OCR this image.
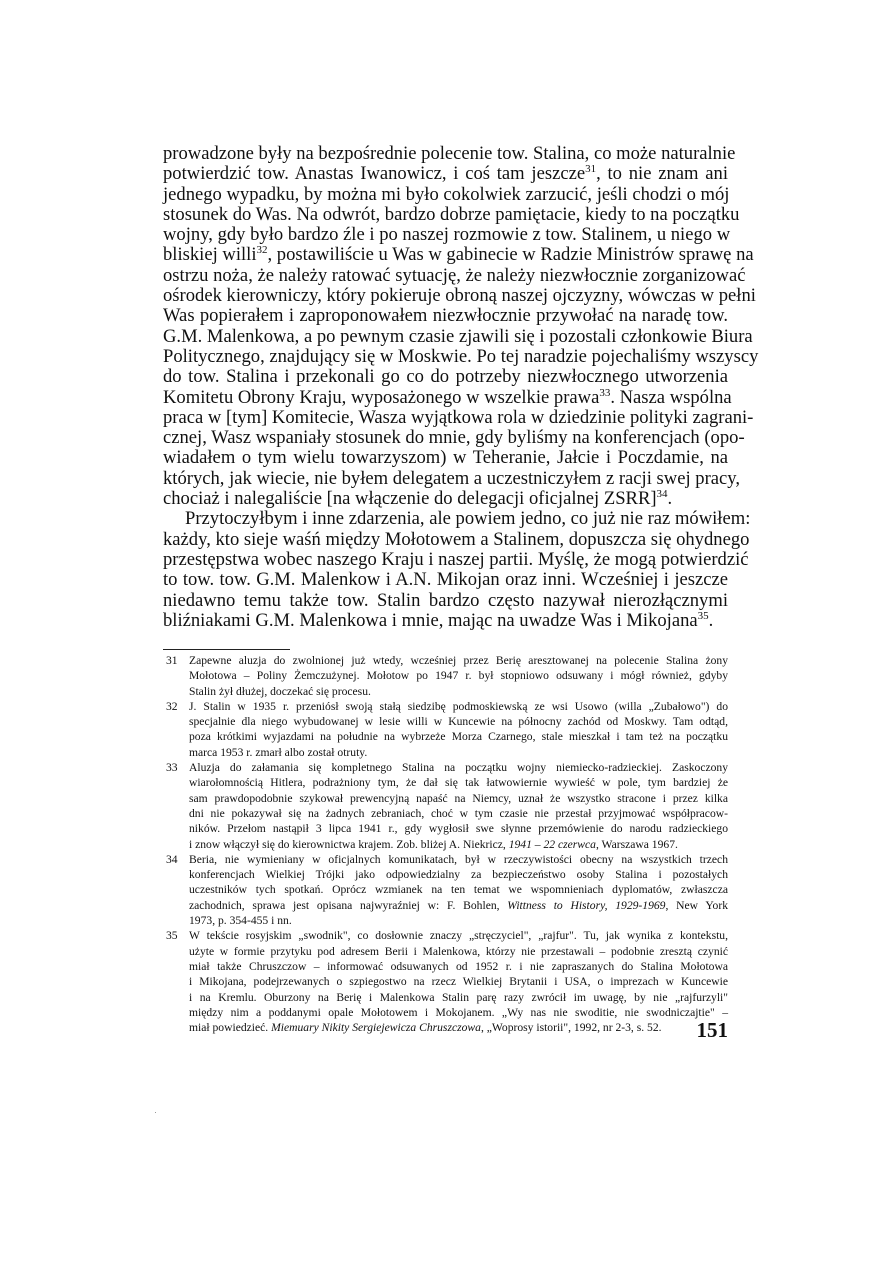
prowadzone były na bezpośrednie polecenie tow. Stalina, co może naturalnie
potwierdzić tow. Anastas Iwanowicz, i coś tam jeszcze$^{31}$, to nie znam ani
jednego wypadku, by można mi było cokolwiek zarzucić, jeśli chodzi o mój
stosunek do Was. Na odwrót, bardzo dobrze pamiętacie, kiedy to na początku
wojny, gdy było bardzo źle i po naszej rozmowie z tow. Stalinem, u niego w
bliskiej willi$^{32}$, postawiliście u Was w gabinecie w Radzie Ministrów sprawę na
ostrzu noża, że należy ratować sytuację, że należy niezwłocznie zorganizować
ośrodek kierowniczy, który pokieruje obroną naszej ojczyzny, wówczas w pełni
Was popierałem i zaproponowałem niezwłocznie przywołać na naradę tow.
G.M. Malenkowa, a po pewnym czasie zjawili się i pozostali członkowie Biura
Politycznego, znajdujący się w Moskwie. Po tej naradzie pojechaliśmy wszyscy
do tow. Stalina i przekonali go co do potrzeby niezwłocznego utworzenia
Komitetu Obrony Kraju, wyposażonego w wszelkie prawa$^{33}$. Nasza wspólna
praca w [tym] Komitecie, Wasza wyjątkowa rola w dziedzinie polityki zagrani-
cznej, Wasz wspaniały stosunek do mnie, gdy byliśmy na konferencjach (opo-
wiadałem o tym wielu towarzyszom) w Teheranie, Jałcie i Poczdamie, na
których, jak wiecie, nie byłem delegatem a uczestniczyłem z racji swej pracy,
chociaż i nalegaliście [na włączenie do delegacji oficjalnej ZSRR]$^{34}$.
Przytoczyłbym i inne zdarzenia, ale powiem jedno, co już nie raz mówiłem:
każdy, kto sieje waśń między Mołotowem a Stalinem, dopuszcza się ohydnego
przestępstwa wobec naszego Kraju i naszej partii. Myślę, że mogą potwierdzić
to tow. tow. G.M. Malenkow i A.N. Mikojan oraz inni. Wcześniej i jeszcze
niedawno temu także tow. Stalin bardzo często nazywał nierozłącznymi
bliźniakami G.M. Malenkowa i mnie, mając na uwadze Was i Mikojana$^{35}$.
31 Zapewne aluzja do zwolnionej już wtedy, wcześniej przez Berię aresztowanej na polecenie Stalina żony
Mołotowa – Poliny Żemczużynej. Mołotow po 1947 r. był stopniowo odsuwany i mógł również, gdyby
Stalin żył dłużej, doczekać się procesu.
32 J. Stalin w 1935 r. przeniósł swoją stałą siedzibę podmoskiewską ze wsi Usowo (willa „Zubałowo") do
specjalnie dla niego wybudowanej w lesie willi w Kuncewie na północny zachód od Moskwy. Tam odtąd,
poza krótkimi wyjazdami na południe na wybrzeże Morza Czarnego, stale mieszkał i tam też na początku
marca 1953 r. zmarł albo został otruty.
33 Aluzja do załamania się kompletnego Stalina na początku wojny niemiecko-radzieckiej. Zaskoczony
wiarołomnością Hitlera, podrażniony tym, że dał się tak łatwowiernie wywieść w pole, tym bardziej że
sam prawdopodobnie szykował prewencyjną napaść na Niemcy, uznał że wszystko stracone i przez kilka
dni nie pokazywał się na żadnych zebraniach, choć w tym czasie nie przestał przyjmować współpracow-
ników. Przełom nastąpił 3 lipca 1941 r., gdy wygłosił swe słynne przemówienie do narodu radzieckiego
i znow włączył się do kierownictwa krajem. Zob. bliżej A. Niekricz, 1941 – 22 czerwca, Warszawa 1967.
34 Beria, nie wymieniany w oficjalnych komunikatach, był w rzeczywistości obecny na wszystkich trzech
konferencjach Wielkiej Trójki jako odpowiedzialny za bezpieczeństwo osoby Stalina i pozostałych
uczestników tych spotkań. Oprócz wzmianek na ten temat we wspomnieniach dyplomatów, zwłaszcza
zachodnich, sprawa jest opisana najwyraźniej w: F. Bohlen, Wittness to History, 1929-1969, New York
1973, p. 354-455 i nn.
35 W tekście rosyjskim „swodnik", co dosłownie znaczy „stręczyciel", „rajfur". Tu, jak wynika z kontekstu,
użyte w formie przytyku pod adresem Berii i Malenkowa, którzy nie przestawali – podobnie zresztą czynić
miał także Chruszczow – informować odsuwanych od 1952 r. i nie zapraszanych do Stalina Mołotowa
i Mikojana, podejrzewanych o szpiegostwo na rzecz Wielkiej Brytanii i USA, o imprezach w Kuncewie
i na Kremlu. Oburzony na Berię i Malenkowa Stalin parę razy zwrócił im uwagę, by nie „rajfurzyli"
między nim a poddanymi opale Mołotowem i Mokojanem. „Wy nas nie swoditie, nie swodniczajtie" –
miał powiedzieć. Miemuary Nikity Sergiejewicza Chruszczowa, „Woprosy istorii", 1992, nr 2-3, s. 52.	151
